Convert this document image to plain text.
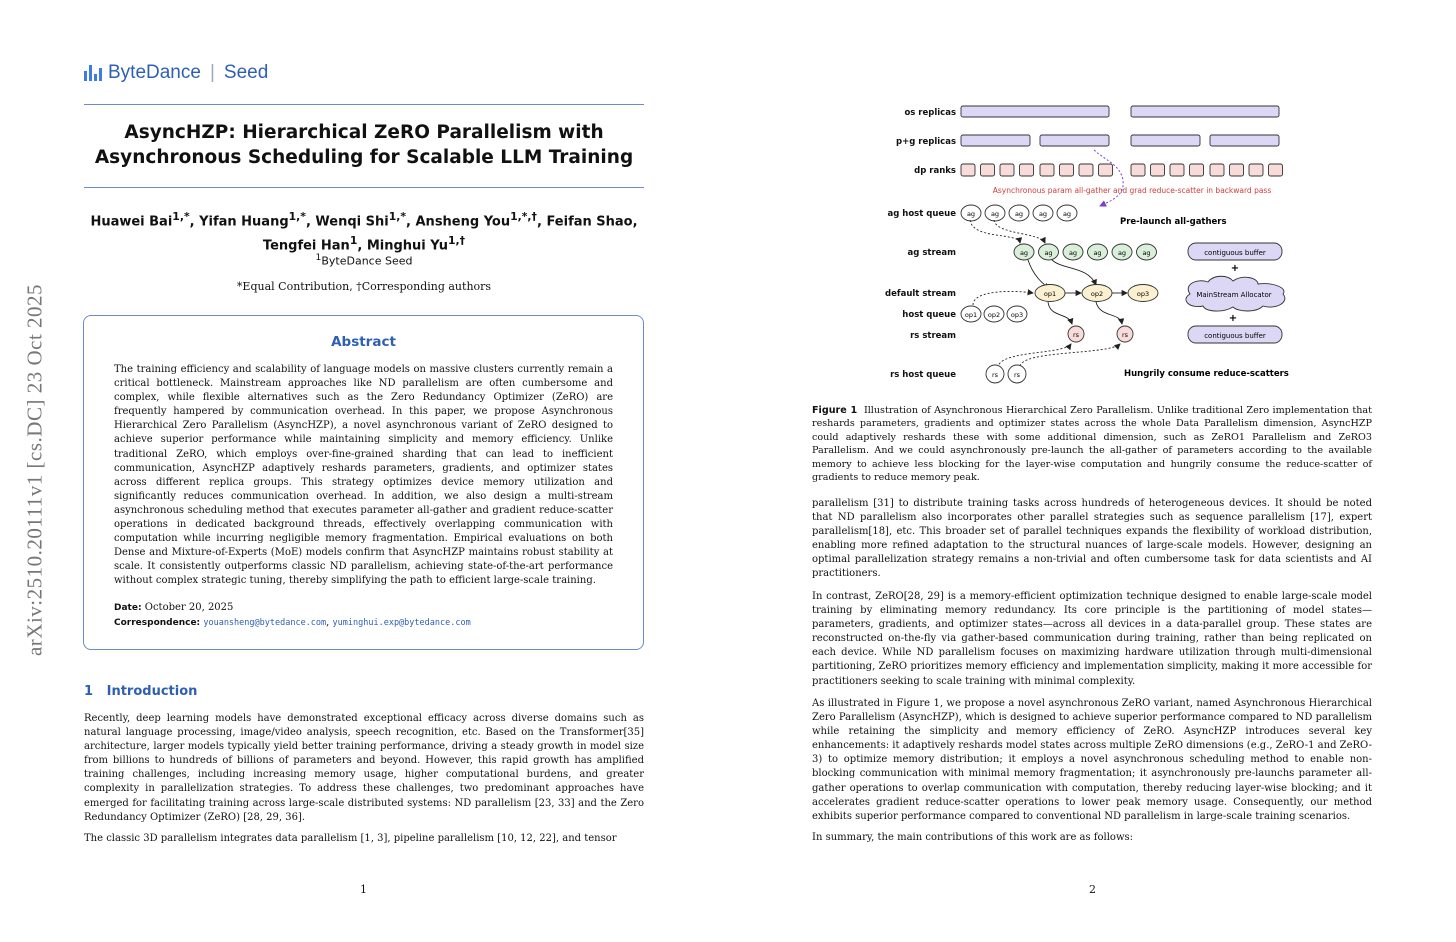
arXiv:2510.20111v1 [cs.DC] 23 Oct 2025
ByteDance | Seed
AsyncHZP: Hierarchical ZeRO Parallelism with Asynchronous Scheduling for Scalable LLM Training
Huawei Bai$^{1,*}$, Yifan Huang$^{1,*}$, Wenqi Shi$^{1,*}$, Ansheng You$^{1,*,\dagger}$, Feifan Shao, Tengfei Han$^1$, Minghui $Yu^{1,\dagger}$
$^1$ByteDance Seed
*Equal Contribution, †Corresponding authors
Abstract
The training efficiency and scalability of language models on massive clusters currently remain a critical bottleneck. Mainstream approaches like ND parallelism are often cumbersome and complex, while flexible alternatives such as the Zero Redundancy Optimizer (ZeRO) are frequently hampered by communication overhead. In this paper, we propose Asynchronous Hierarchical Zero Parallelism (AsyncHZP), a novel asynchronous variant of ZeRO designed to achieve superior performance while maintaining simplicity and memory efficiency. Unlike traditional ZeRO, which employs over-fine-grained sharding that can lead to inefficient communication, AsyncHZP adaptively reshards parameters, gradients, and optimizer states across different replica groups. This strategy optimizes device memory utilization and significantly reduces communication overhead. In addition, we also design a multi-stream asynchronous scheduling method that executes parameter all-gather and gradient reduce-scatter operations in dedicated background threads, effectively overlapping communication with computation while incurring negligible memory fragmentation. Empirical evaluations on both Dense and Mixture-of-Experts (MoE) models confirm that AsyncHZP maintains robust stability at scale. It consistently outperforms classic ND parallelism, achieving state-of-the-art performance without complex strategic tuning, thereby simplifying the path to efficient large-scale training.
Date: October 20, 2025
Correspondence: youansheng@bytedance.com, yuminghui.exp@bytedance.com
1 Introduction
Recently, deep learning models have demonstrated exceptional efficacy across diverse domains such as natural language processing, image/video analysis, speech recognition, etc. Based on the Transformer[35] architecture, larger models typically yield better training performance, driving a steady growth in model size from billions to hundreds of billions of parameters and beyond. However, this rapid growth has amplified training challenges, including increasing memory usage, higher computational burdens, and greater complexity in parallelization strategies. To address these challenges, two predominant approaches have emerged for facilitating training across large-scale distributed systems: ND parallelism [23, 33] and the Zero Redundancy Optimizer (ZeRO) [28, 29, 36].
The classic 3D parallelism integrates data parallelism [1, 3], pipeline parallelism [10, 12, 22], and tensor
1
os replicas
p+g replicas
dp ranks
ag host queue
ag stream
default stream
host queue
rs stream
rs host queue
Asynchronous param all-gather and grad reduce-scatter in backward pass
ag ag ag ag ag
Pre-launch all-gathers
ag	ag	ag	ag	ag	ag	contiguous buffer
+
MainStream Allocator
+
contiguous buffer
op1	op2	op3
op1 op2 op3
rs	rs
rs rs	Hungrily consume reduce-scatters
Figure 1 Illustration of Asynchronous Hierarchical Zero Parallelism. Unlike traditional Zero implementation that reshards parameters, gradients and optimizer states across the whole Data Parallelism dimension, AsyncHZP could adaptively reshards these with some additional dimension, such as ZeRO1 Parallelism and ZeRO3 Parallelism. And we could asynchronously pre-launch the all-gather of parameters according to the available memory to achieve less blocking for the layer-wise computation and hungrily consume the reduce-scatter of gradients to reduce memory peak.
parallelism [31] to distribute training tasks across hundreds of heterogeneous devices. It should be noted that ND parallelism also incorporates other parallel strategies such as sequence parallelism [17], expert parallelism[18], etc. This broader set of parallel techniques expands the flexibility of workload distribution, enabling more refined adaptation to the structural nuances of large-scale models. However, designing an optimal parallelization strategy remains a non-trivial and often cumbersome task for data scientists and AI practitioners.
In contrast, ZeRO[28, 29] is a memory-efficient optimization technique designed to enable large-scale model training by eliminating memory redundancy. Its core principle is the partitioning of model states—parameters, gradients, and optimizer states—across all devices in a data-parallel group. These states are reconstructed on-the-fly via gather-based communication during training, rather than being replicated on each device. While ND parallelism focuses on maximizing hardware utilization through multi-dimensional partitioning, ZeRO prioritizes memory efficiency and implementation simplicity, making it more accessible for practitioners seeking to scale training with minimal complexity.
As illustrated in Figure 1, we propose a novel asynchronous ZeRO variant, named Asynchronous Hierarchical Zero Parallelism (AsyncHZP), which is designed to achieve superior performance compared to ND parallelism while retaining the simplicity and memory efficiency of ZeRO. AsyncHZP introduces several key enhancements: it adaptively reshards model states across multiple ZeRO dimensions (e.g., ZeRO-1 and ZeRO-3) to optimize memory distribution; it employs a novel asynchronous scheduling method to enable non-blocking communication with minimal memory fragmentation; it asynchronously pre-launchs parameter all-gather operations to overlap communication with computation, thereby reducing layer-wise blocking; and it accelerates gradient reduce-scatter operations to lower peak memory usage. Consequently, our method exhibits superior performance compared to conventional ND parallelism in large-scale training scenarios.
In summary, the main contributions of this work are as follows:
2
